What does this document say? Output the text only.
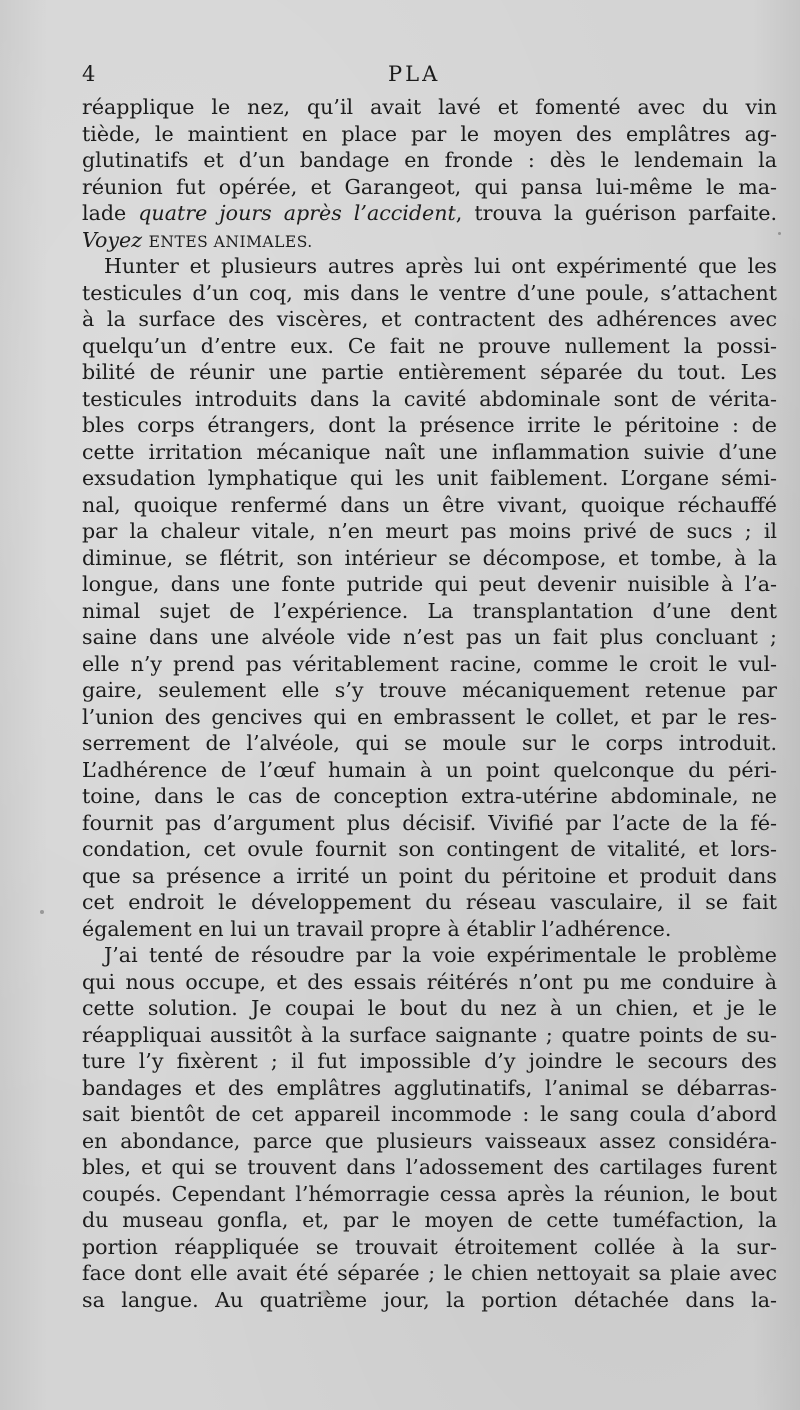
4	PLA
réapplique le nez, qu’il avait lavé et fomenté avec du vin
tiède, le maintient en place par le moyen des emplâtres ag-
glutinatifs et d’un bandage en fronde : dès le lendemain la
réunion fut opérée, et Garangeot, qui pansa lui-même le ma-
lade quatre jours après l’accident, trouva la guérison parfaite.
Voyez ENTES ANIMALES.
Hunter et plusieurs autres après lui ont expérimenté que les
testicules d’un coq, mis dans le ventre d’une poule, s’attachent
à la surface des viscères, et contractent des adhérences avec
quelqu’un d’entre eux. Ce fait ne prouve nullement la possi-
bilité de réunir une partie entièrement séparée du tout. Les
testicules introduits dans la cavité abdominale sont de vérita-
bles corps étrangers, dont la présence irrite le péritoine : de
cette irritation mécanique naît une inflammation suivie d’une
exsudation lymphatique qui les unit faiblement. L’organe sémi-
nal, quoique renfermé dans un être vivant, quoique réchauffé
par la chaleur vitale, n’en meurt pas moins privé de sucs ; il
diminue, se flétrit, son intérieur se décompose, et tombe, à la
longue, dans une fonte putride qui peut devenir nuisible à l’a-
nimal sujet de l’expérience. La transplantation d’une dent
saine dans une alvéole vide n’est pas un fait plus concluant ;
elle n’y prend pas véritablement racine, comme le croit le vul-
gaire, seulement elle s’y trouve mécaniquement retenue par
l’union des gencives qui en embrassent le collet, et par le res-
serrement de l’alvéole, qui se moule sur le corps introduit.
L’adhérence de l’œuf humain à un point quelconque du péri-
toine, dans le cas de conception extra-utérine abdominale, ne
fournit pas d’argument plus décisif. Vivifié par l’acte de la fé-
condation, cet ovule fournit son contingent de vitalité, et lors-
que sa présence a irrité un point du péritoine et produit dans
cet endroit le développement du réseau vasculaire, il se fait
également en lui un travail propre à établir l’adhérence.
J’ai tenté de résoudre par la voie expérimentale le problème
qui nous occupe, et des essais réitérés n’ont pu me conduire à
cette solution. Je coupai le bout du nez à un chien, et je le
réappliquai aussitôt à la surface saignante ; quatre points de su-
ture l’y fixèrent ; il fut impossible d’y joindre le secours des
bandages et des emplâtres agglutinatifs, l’animal se débarras-
sait bientôt de cet appareil incommode : le sang coula d’abord
en abondance, parce que plusieurs vaisseaux assez considéra-
bles, et qui se trouvent dans l’adossement des cartilages furent
coupés. Cependant l’hémorragie cessa après la réunion, le bout
du museau gonfla, et, par le moyen de cette tuméfaction, la
portion réappliquée se trouvait étroitement collée à la sur-
face dont elle avait été séparée ; le chien nettoyait sa plaie avec
sa langue. Au quatrième jour, la portion détachée dans la-
